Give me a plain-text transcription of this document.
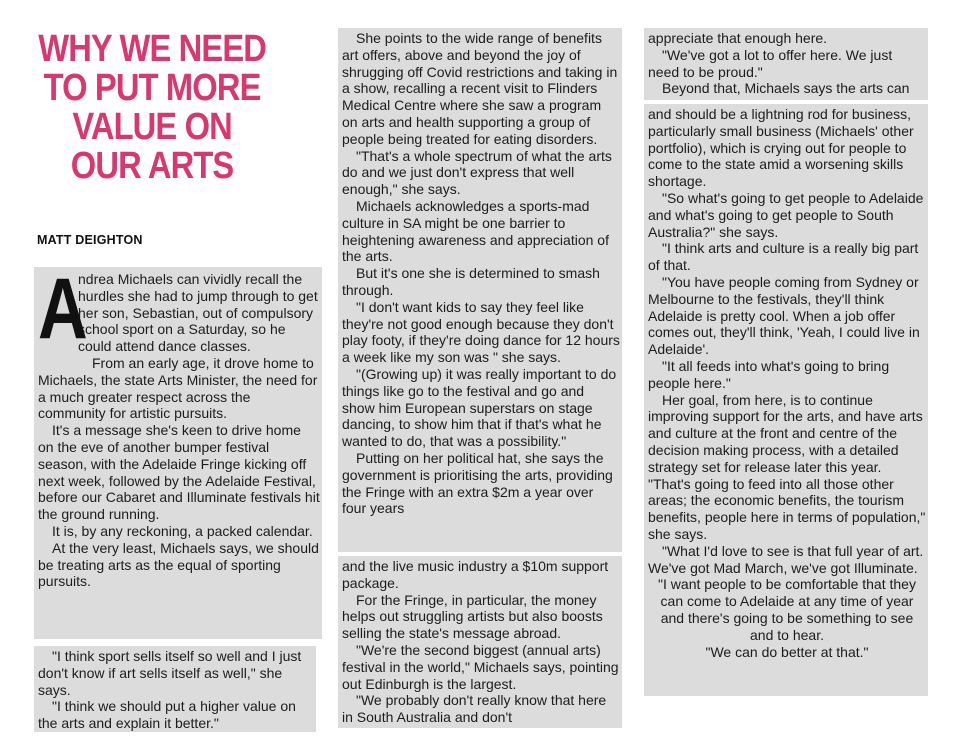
WHY WE NEED
TO PUT MORE
VALUE ON
OUR ARTS
MATT DEIGHTON

A
ndrea Michaels can vividly recall the hurdles she had to jump through to get her son, Sebastian, out of compulsory school sport on a Saturday, so he could attend dance classes.

From an early age, it drove home to Michaels, the state Arts Minister, the need for a much greater respect across the community for artistic pursuits.

It's a message she's keen to drive home on the eve of another bumper festival season, with the Adelaide Fringe kicking off next week, followed by the Adelaide Festival, before our Cabaret and Illuminate festivals hit the ground running.

It is, by any reckoning, a packed calendar.

At the very least, Michaels says, we should be treating arts as the equal of sporting pursuits.

"I think sport sells itself so well and I just don't know if art sells itself as well," she says.

"I think we should put a higher value on the arts and explain it better."

She points to the wide range of benefits art offers, above and beyond the joy of shrugging off Covid restrictions and taking in a show, recalling a recent visit to Flinders Medical Centre where she saw a program on arts and health supporting a group of people being treated for eating disorders.

"That's a whole spectrum of what the arts do and we just don't express that well enough," she says.

Michaels acknowledges a sports-mad culture in SA might be one barrier to heightening awareness and appreciation of the arts.

But it's one she is determined to smash through.

"I don't want kids to say they feel like they're not good enough because they don't play footy, if they're doing dance for 12 hours a week like my son was " she says.

"(Growing up) it was really important to do things like go to the festival and go and show him European superstars on stage dancing, to show him that if that's what he wanted to do, that was a possibility."

Putting on her political hat, she says the government is prioritising the arts, providing the Fringe with an extra $2m a year over four years

and the live music industry a $10m support package.

For the Fringe, in particular, the money helps out struggling artists but also boosts selling the state's message abroad.

"We're the second biggest (annual arts) festival in the world," Michaels says, pointing out Edinburgh is the largest.

"We probably don't really know that here in South Australia and don't

appreciate that enough here.

"We've got a lot to offer here. We just need to be proud."

Beyond that, Michaels says the arts can

and should be a lightning rod for business, particularly small business (Michaels' other portfolio), which is crying out for people to come to the state amid a worsening skills shortage.

"So what's going to get people to Adelaide and what's going to get people to South Australia?" she says.

"I think arts and culture is a really big part of that.

"You have people coming from Sydney or Melbourne to the festivals, they'll think Adelaide is pretty cool. When a job offer comes out, they'll think, 'Yeah, I could live in Adelaide'.

"It all feeds into what's going to bring people here."

Her goal, from here, is to continue improving support for the arts, and have arts and culture at the front and centre of the decision making process, with a detailed strategy set for release later this year. "That's going to feed into all those other areas; the economic benefits, the tourism benefits, people here in terms of population," she says.

"What I'd love to see is that full year of art. We've got Mad March, we've got Illuminate.

"I want people to be comfortable that they can come to Adelaide at any time of year and there's going to be something to see and to hear.

"We can do better at that."
